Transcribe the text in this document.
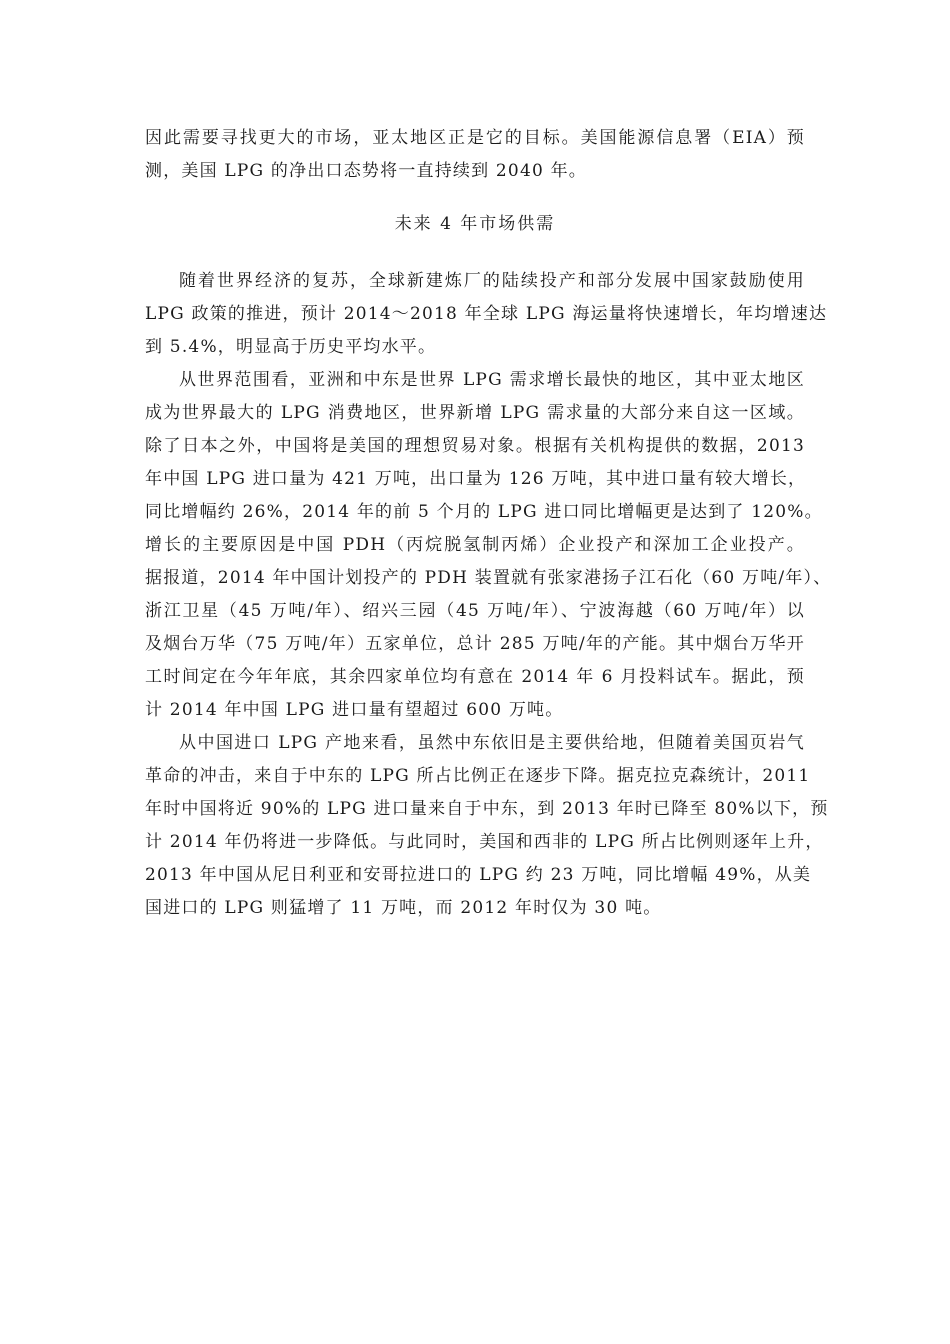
因此需要寻找更大的市场，亚太地区正是它的目标。美国能源信息署（EIA）预
测，美国 LPG 的净出口态势将一直持续到 2040 年。
未来 4 年市场供需
随着世界经济的复苏，全球新建炼厂的陆续投产和部分发展中国家鼓励使用
LPG 政策的推进，预计 2014～2018 年全球 LPG 海运量将快速增长，年均增速达
到 5.4%，明显高于历史平均水平。
从世界范围看，亚洲和中东是世界 LPG 需求增长最快的地区，其中亚太地区
成为世界最大的 LPG 消费地区，世界新增 LPG 需求量的大部分来自这一区域。
除了日本之外，中国将是美国的理想贸易对象。根据有关机构提供的数据，2013
年中国 LPG 进口量为 421 万吨，出口量为 126 万吨，其中进口量有较大增长，
同比增幅约 26%，2014 年的前 5 个月的 LPG 进口同比增幅更是达到了 120%。
增长的主要原因是中国 PDH（丙烷脱氢制丙烯）企业投产和深加工企业投产。
据报道，2014 年中国计划投产的 PDH 装置就有张家港扬子江石化（60 万吨/年）、
浙江卫星（45 万吨/年）、绍兴三园（45 万吨/年）、宁波海越（60 万吨/年）以
及烟台万华（75 万吨/年）五家单位，总计 285 万吨/年的产能。其中烟台万华开
工时间定在今年年底，其余四家单位均有意在 2014 年 6 月投料试车。据此，预
计 2014 年中国 LPG 进口量有望超过 600 万吨。
从中国进口 LPG 产地来看，虽然中东依旧是主要供给地，但随着美国页岩气
革命的冲击，来自于中东的 LPG 所占比例正在逐步下降。据克拉克森统计，2011
年时中国将近 90%的 LPG 进口量来自于中东，到 2013 年时已降至 80%以下，预
计 2014 年仍将进一步降低。与此同时，美国和西非的 LPG 所占比例则逐年上升，
2013 年中国从尼日利亚和安哥拉进口的 LPG 约 23 万吨，同比增幅 49%，从美
国进口的 LPG 则猛增了 11 万吨，而 2012 年时仅为 30 吨。
